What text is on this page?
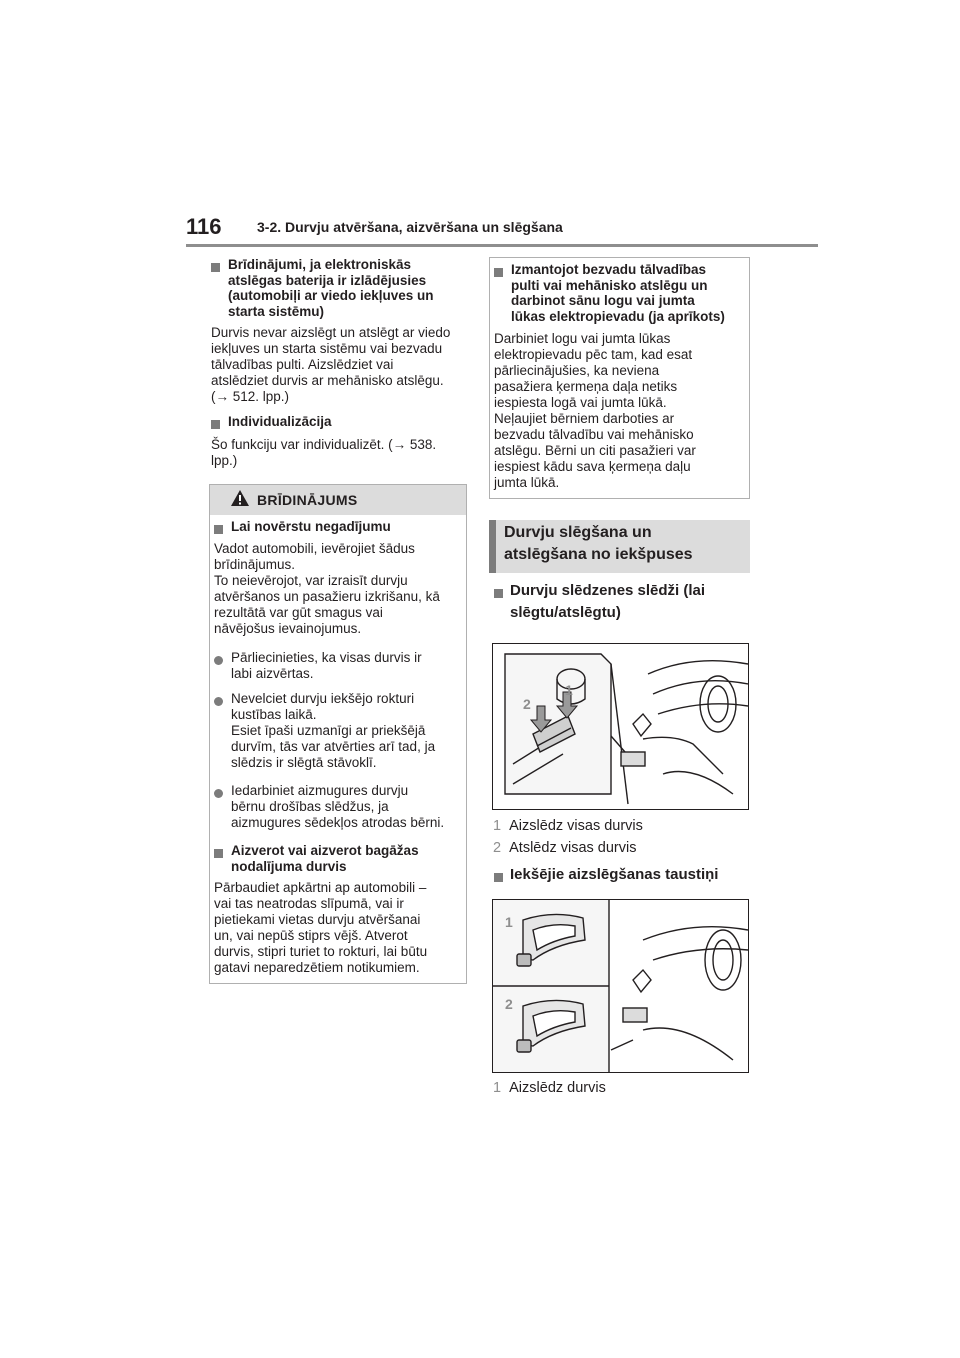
116	3-2. Durvju atvēršana, aizvēršana un slēgšana
Brīdinājumi, ja elektroniskās
atslēgas baterija ir izlādējusies
(automobiļi ar viedo iekļuves un
starta sistēmu)
Durvis nevar aizslēgt un atslēgt ar viedo
iekļuves un starta sistēmu vai bezvadu
tālvadības pulti. Aizslēdziet vai
atslēdziet durvis ar mehānisko atslēgu.
(→ 512. lpp.)
Individualizācija
Šo funkciju var individualizēt. (→ 538.
lpp.)
BRĪDINĀJUMS
Lai novērstu negadījumu
Vadot automobili, ievērojiet šādus
brīdinājumus.
To neievērojot, var izraisīt durvju
atvēršanos un pasažieru izkrišanu, kā
rezultātā var gūt smagus vai
nāvējošus ievainojumus.
Pārliecinieties, ka visas durvis ir
labi aizvērtas.
Nevelciet durvju iekšējo rokturi
kustības laikā.
Esiet īpaši uzmanīgi ar priekšējā
durvīm, tās var atvērties arī tad, ja
slēdzis ir slēgtā stāvoklī.
Iedarbiniet aizmugures durvju
bērnu drošības slēdžus, ja
aizmugures sēdekļos atrodas bērni.
Aizverot vai aizverot bagāžas
nodalījuma durvis
Pārbaudiet apkārtni ap automobili –
vai tas neatrodas slīpumā, vai ir
pietiekami vietas durvju atvēršanai
un, vai nepūš stiprs vējš. Atverot
durvis, stipri turiet to rokturi, lai būtu
gatavi neparedzētiem notikumiem.
Izmantojot bezvadu tālvadības
pulti vai mehānisko atslēgu un
darbinot sānu logu vai jumta
lūkas elektropievadu (ja aprīkots)
Darbiniet logu vai jumta lūkas
elektropievadu pēc tam, kad esat
pārliecinājušies, ka neviena
pasažiera ķermeņa daļa netiks
iespiesta logā vai jumta lūkā.
Neļaujiet bērniem darboties ar
bezvadu tālvadību vai mehānisko
atslēgu. Bērni un citi pasažieri var
iespiest kādu sava ķermeņa daļu
jumta lūkā.
Durvju slēgšana un
atslēgšana no iekšpuses
Durvju slēdzenes slēdži (lai
slēgtu/atslēgtu)
1
2
1 Aizslēdz visas durvis
2 Atslēdz visas durvis
Iekšējie aizslēgšanas taustiņi
1
2
1 Aizslēdz durvis
